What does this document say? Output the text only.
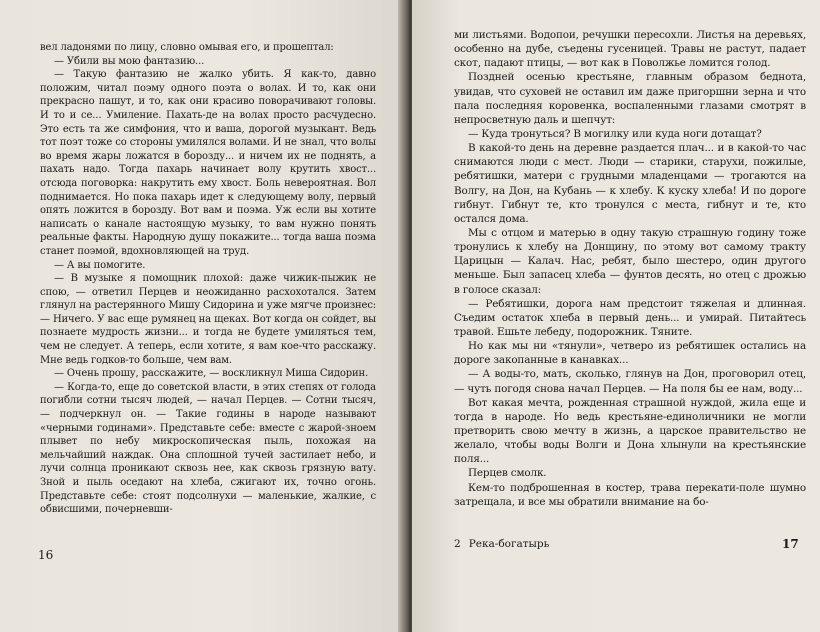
вел ладонями по лицу, словно омывая его, и прошептал:

— Убили вы мою фантазию...

— Такую фантазию не жалко убить. Я как-то, давно положим, читал поэму одного поэта о волах. И то, как они прекрасно пашут, и то, как они красиво поворачивают головы. И то и се... Умиление. Пахать-де на волах просто расчудесно. Это есть та же симфония, что и ваша, дорогой музыкант. Ведь тот поэт тоже со стороны умилялся волами. И не знал, что волы во время жары ложатся в борозду... и ничем их не поднять, а пахать надо. Тогда пахарь начинает волу крутить хвост... отсюда поговорка: накрутить ему хвост. Боль невероятная. Вол поднимается. Но пока пахарь идет к следующему волу, первый опять ложится в борозду. Вот вам и поэма. Уж если вы хотите написать о канале настоящую музыку, то вам нужно понять реальные факты. Народную душу покажите... тогда ваша поэма станет поэмой, вдохновляющей на труд.

— А вы помогите.

— В музыке я помощник плохой: даже чижик-пыжик не спою, — ответил Перцев и неожиданно расхохотался. Затем глянул на растерянного Мишу Сидорина и уже мягче произнес: — Ничего. У вас еще румянец на щеках. Вот когда он сойдет, вы познаете мудрость жизни... и тогда не будете умиляться тем, чем не следует. А теперь, если хотите, я вам кое-что расскажу. Мне ведь годков-то больше, чем вам.

— Очень прошу, расскажите, — воскликнул Миша Сидорин.

— Когда-то, еще до советской власти, в этих степях от голода погибли сотни тысяч людей, — начал Перцев. — Сотни тысяч, — подчеркнул он. — Такие годины в народе называют «черными годинами». Представьте себе: вместе с жарой-зноем плывет по небу микроскопическая пыль, похожая на мельчайший наждак. Она сплошной тучей застилает небо, и лучи солнца проникают сквозь нее, как сквозь грязную вату. Зной и пыль оседают на хлеба, сжигают их, точно огонь. Представьте себе: стоят подсолнухи — маленькие, жалкие, с обвисшими, почерневши-

16

ми листьями. Водопои, речушки пересохли. Листья на деревьях, особенно на дубе, съедены гусеницей. Травы не растут, падает скот, падают птицы, — вот как в Поволжье ломится голод.

Поздней осенью крестьяне, главным образом беднота, увидав, что суховей не оставил им даже пригоршни зерна и что пала последняя коровенка, воспаленными глазами смотрят в непросветную даль и шепчут:

— Куда тронуться? В могилку или куда ноги дотащат?

В какой-то день на деревне раздается плач... и в какой-то час снимаются люди с мест. Люди — старики, старухи, пожилые, ребятишки, матери с грудными младенцами — трогаются на Волгу, на Дон, на Кубань — к хлебу. К куску хлеба! И по дороге гибнут. Гибнут те, кто тронулся с места, гибнут и те, кто остался дома.

Мы с отцом и матерью в одну такую страшную годину тоже тронулись к хлебу на Донщину, по этому вот самому тракту Царицын — Калач. Нас, ребят, было шестеро, один другого меньше. Был запасец хлеба — фунтов десять, но отец с дрожью в голосе сказал:

— Ребятишки, дорога нам предстоит тяжелая и длинная. Съедим остаток хлеба в первый день... и умирай. Питайтесь травой. Ешьте лебеду, подорожник. Тяните.

Но как мы ни «тянули», четверо из ребятишек остались на дороге закопанные в канавках...

— А воды-то, мать, сколько, глянув на Дон, проговорил отец, — чуть погодя снова начал Перцев. — На поля бы ее нам, воду...

Вот какая мечта, рожденная страшной нуждой, жила еще и тогда в народе. Но ведь крестьяне-единоличники не могли претворить свою мечту в жизнь, а царское правительство не желало, чтобы воды Волги и Дона хлынули на крестьянские поля...

Перцев смолк.

Кем-то подброшенная в костер, трава перекати-поле шумно затрещала, и все мы обратили внимание на бо-

2 Река-богатырь	17
